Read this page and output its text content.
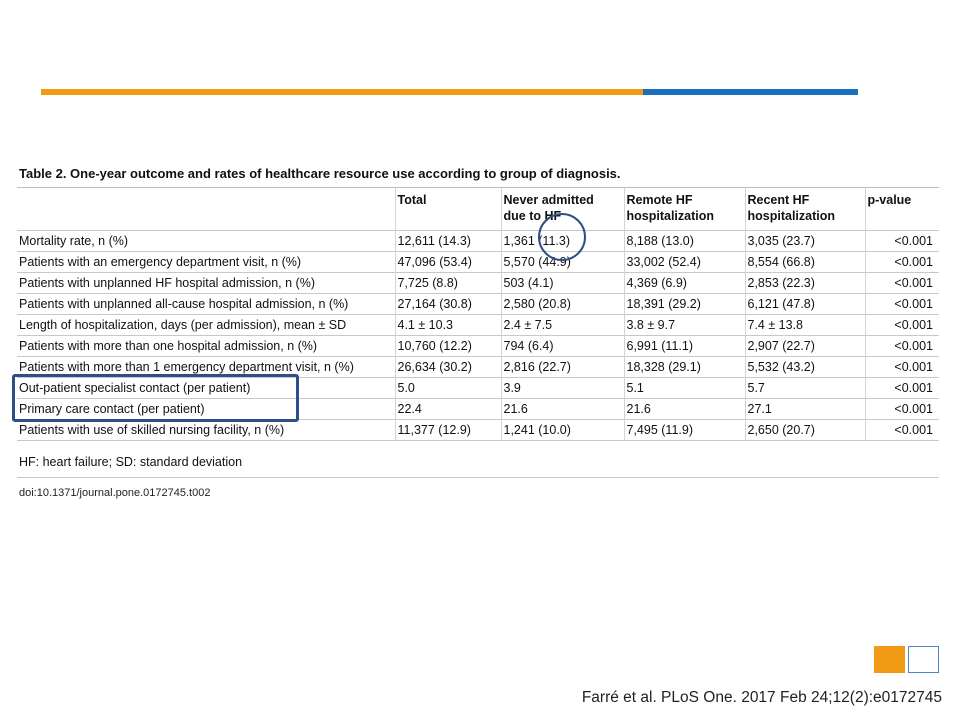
Table 2. One-year outcome and rates of healthcare resource use according to group of diagnosis.
	Total	Never admitted due to HF	Remote HF hospitalization	Recent HF hospitalization	p-value
Mortality rate, n (%)	12,611 (14.3)	1,361 (11.3)	8,188 (13.0)	3,035 (23.7)	<0.001
Patients with an emergency department visit, n (%)	47,096 (53.4)	5,570 (44.9)	33,002 (52.4)	8,554 (66.8)	<0.001
Patients with unplanned HF hospital admission, n (%)	7,725 (8.8)	503 (4.1)	4,369 (6.9)	2,853 (22.3)	<0.001
Patients with unplanned all-cause hospital admission, n (%)	27,164 (30.8)	2,580 (20.8)	18,391 (29.2)	6,121 (47.8)	<0.001
Length of hospitalization, days (per admission), mean ± SD	4.1 ± 10.3	2.4 ± 7.5	3.8 ± 9.7	7.4 ± 13.8	<0.001
Patients with more than one hospital admission, n (%)	10,760 (12.2)	794 (6.4)	6,991 (11.1)	2,907 (22.7)	<0.001
Patients with more than 1 emergency department visit, n (%)	26,634 (30.2)	2,816 (22.7)	18,328 (29.1)	5,532 (43.2)	<0.001
Out-patient specialist contact (per patient)	5.0	3.9	5.1	5.7	<0.001
Primary care contact (per patient)	22.4	21.6	21.6	27.1	<0.001
Patients with use of skilled nursing facility, n (%)	11,377 (12.9)	1,241 (10.0)	7,495 (11.9)	2,650 (20.7)	<0.001
HF: heart failure; SD: standard deviation
doi:10.1371/journal.pone.0172745.t002
Farré et al. PLoS One. 2017 Feb 24;12(2):e0172745
